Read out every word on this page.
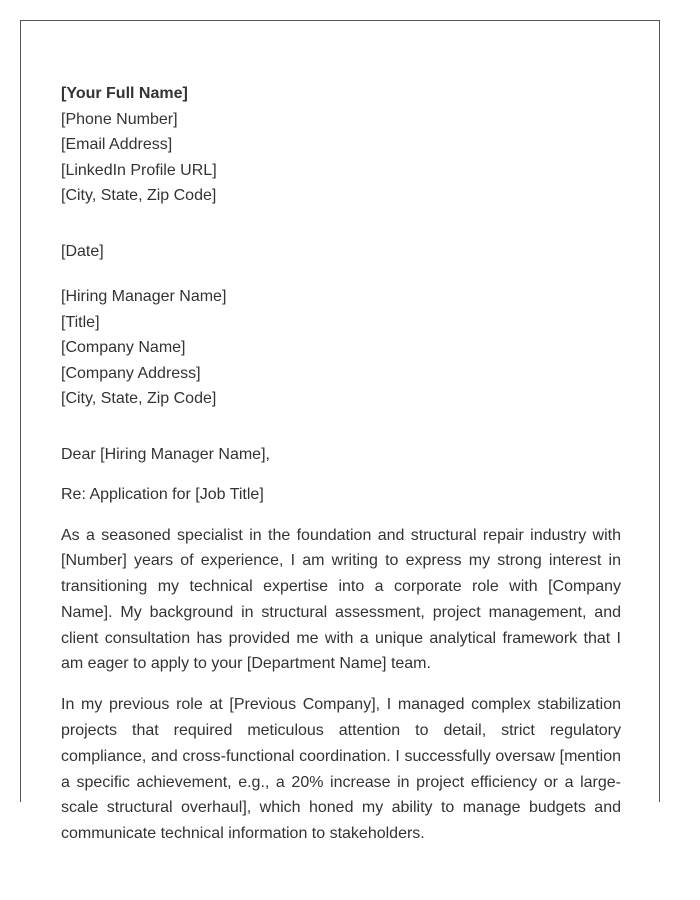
[Your Full Name]
[Phone Number]
[Email Address]
[LinkedIn Profile URL]
[City, State, Zip Code]
[Date]
[Hiring Manager Name]
[Title]
[Company Name]
[Company Address]
[City, State, Zip Code]
Dear [Hiring Manager Name],
Re: Application for [Job Title]

As a seasoned specialist in the foundation and structural repair industry with [Number] years of experience, I am writing to express my strong interest in transitioning my technical expertise into a corporate role with [Company Name]. My background in structural assessment, project management, and client consultation has provided me with a unique analytical framework that I am eager to apply to your [Department Name] team.

In my previous role at [Previous Company], I managed complex stabilization projects that required meticulous attention to detail, strict regulatory compliance, and cross-functional coordination. I successfully oversaw [mention a specific achievement, e.g., a 20% increase in project efficiency or a large-scale structural overhaul], which honed my ability to manage budgets and communicate technical information to stakeholders.
